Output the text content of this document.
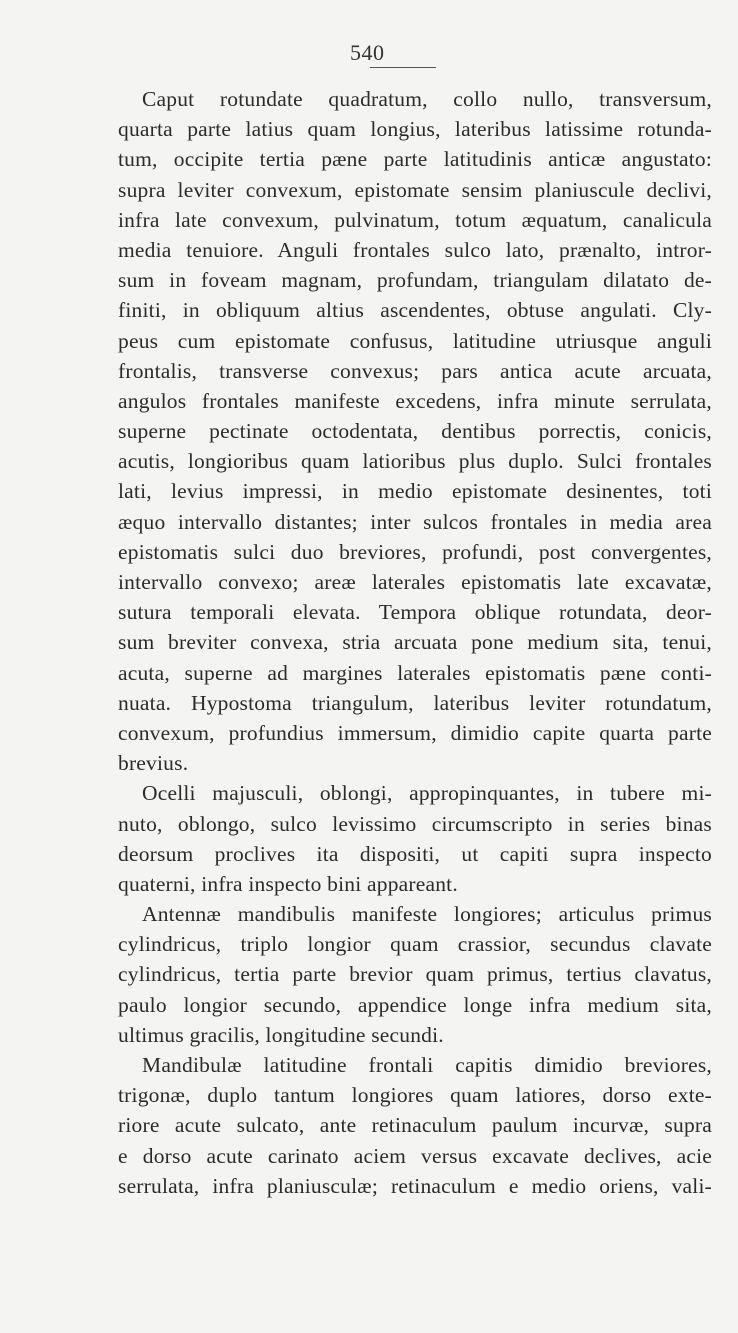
540
Caput rotundate quadratum, collo nullo, transversum,
quarta parte latius quam longius, lateribus latissime rotunda-
tum, occipite tertia pæne parte latitudinis anticæ angustato:
supra leviter convexum, epistomate sensim planiuscule declivi,
infra late convexum, pulvinatum, totum æquatum, canalicula
media tenuiore. Anguli frontales sulco lato, prænalto, intror-
sum in foveam magnam, profundam, triangulam dilatato de-
finiti, in obliquum altius ascendentes, obtuse angulati. Cly-
peus cum epistomate confusus, latitudine utriusque anguli
frontalis, transverse convexus; pars antica acute arcuata,
angulos frontales manifeste excedens, infra minute serrulata,
superne pectinate octodentata, dentibus porrectis, conicis,
acutis, longioribus quam latioribus plus duplo. Sulci frontales
lati, levius impressi, in medio epistomate desinentes, toti
æquo intervallo distantes; inter sulcos frontales in media area
epistomatis sulci duo breviores, profundi, post convergentes,
intervallo convexo; areæ laterales epistomatis late excavatæ,
sutura temporali elevata. Tempora oblique rotundata, deor-
sum breviter convexa, stria arcuata pone medium sita, tenui,
acuta, superne ad margines laterales epistomatis pæne conti-
nuata. Hypostoma triangulum, lateribus leviter rotundatum,
convexum, profundius immersum, dimidio capite quarta parte
brevius.
Ocelli majusculi, oblongi, appropinquantes, in tubere mi-
nuto, oblongo, sulco levissimo circumscripto in series binas
deorsum proclives ita dispositi, ut capiti supra inspecto
quaterni, infra inspecto bini appareant.
Antennæ mandibulis manifeste longiores; articulus primus
cylindricus, triplo longior quam crassior, secundus clavate
cylindricus, tertia parte brevior quam primus, tertius clavatus,
paulo longior secundo, appendice longe infra medium sita,
ultimus gracilis, longitudine secundi.
Mandibulæ latitudine frontali capitis dimidio breviores,
trigonæ, duplo tantum longiores quam latiores, dorso exte-
riore acute sulcato, ante retinaculum paulum incurvæ, supra
e dorso acute carinato aciem versus excavate declives, acie
serrulata, infra planiusculæ; retinaculum e medio oriens, vali-
